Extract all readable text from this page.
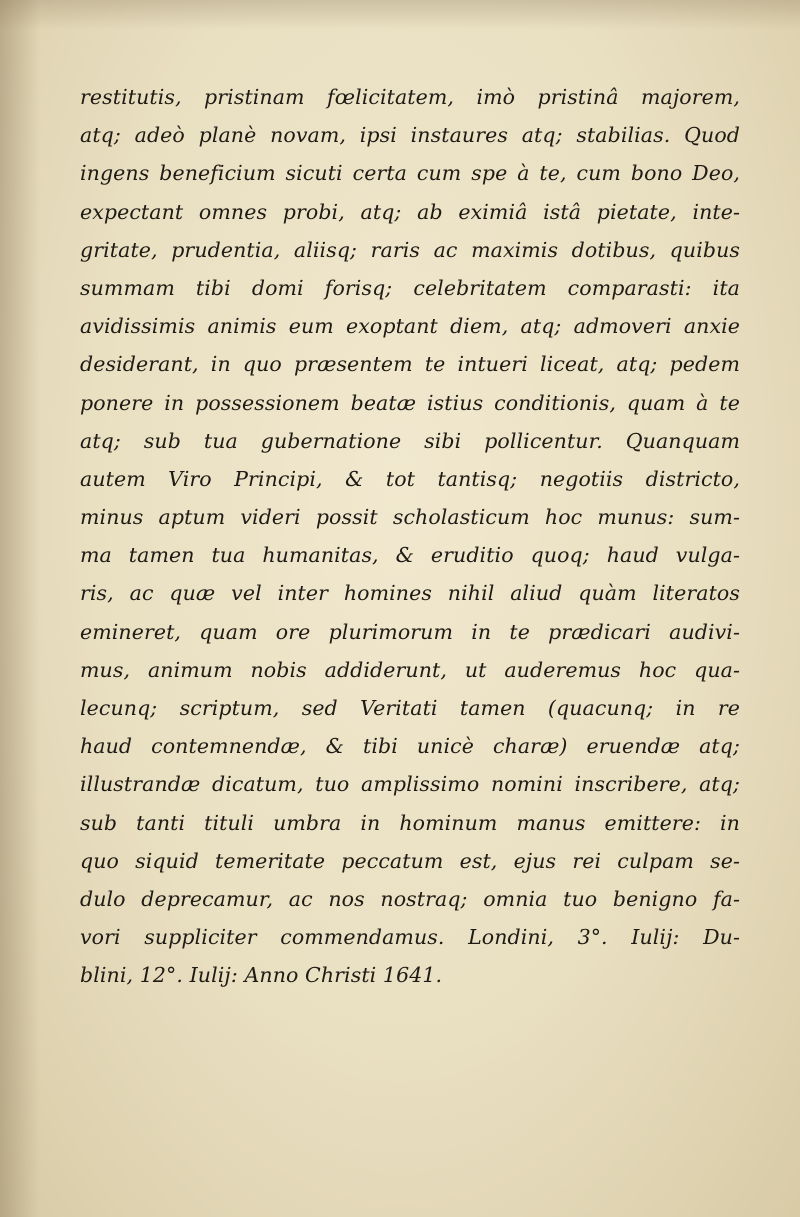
restitutis, pristinam fœlicitatem, imò pristinâ majorem,
atq; adeò planè novam, ipsi instaures atq; stabilias. Quod
ingens beneficium sicuti certa cum spe à te, cum bono Deo,
expectant omnes probi, atq; ab eximiâ istâ pietate, inte-
gritate, prudentia, aliisq; raris ac maximis dotibus, quibus
summam tibi domi forisq; celebritatem comparasti: ita
avidissimis animis eum exoptant diem, atq; admoveri anxie
desiderant, in quo præsentem te intueri liceat, atq; pedem
ponere in possessionem beatæ istius conditionis, quam à te
atq; sub tua gubernatione sibi pollicentur. Quanquam
autem Viro Principi, & tot tantisq; negotiis districto,
minus aptum videri possit scholasticum hoc munus: sum-
ma tamen tua humanitas, & eruditio quoq; haud vulga-
ris, ac quæ vel inter homines nihil aliud quàm literatos
emineret, quam ore plurimorum in te prædicari audivi-
mus, animum nobis addiderunt, ut auderemus hoc qua-
lecunq; scriptum, sed Veritati tamen (quacunq; in re
haud contemnendæ, & tibi unicè charæ) eruendæ atq;
illustrandæ dicatum, tuo amplissimo nomini inscribere, atq;
sub tanti tituli umbra in hominum manus emittere: in
quo siquid temeritate peccatum est, ejus rei culpam se-
dulo deprecamur, ac nos nostraq; omnia tuo benigno fa-
vori suppliciter commendamus. Londini, 3°. Iulij: Du-
blini, 12°. Iulij: Anno Christi 1641.
